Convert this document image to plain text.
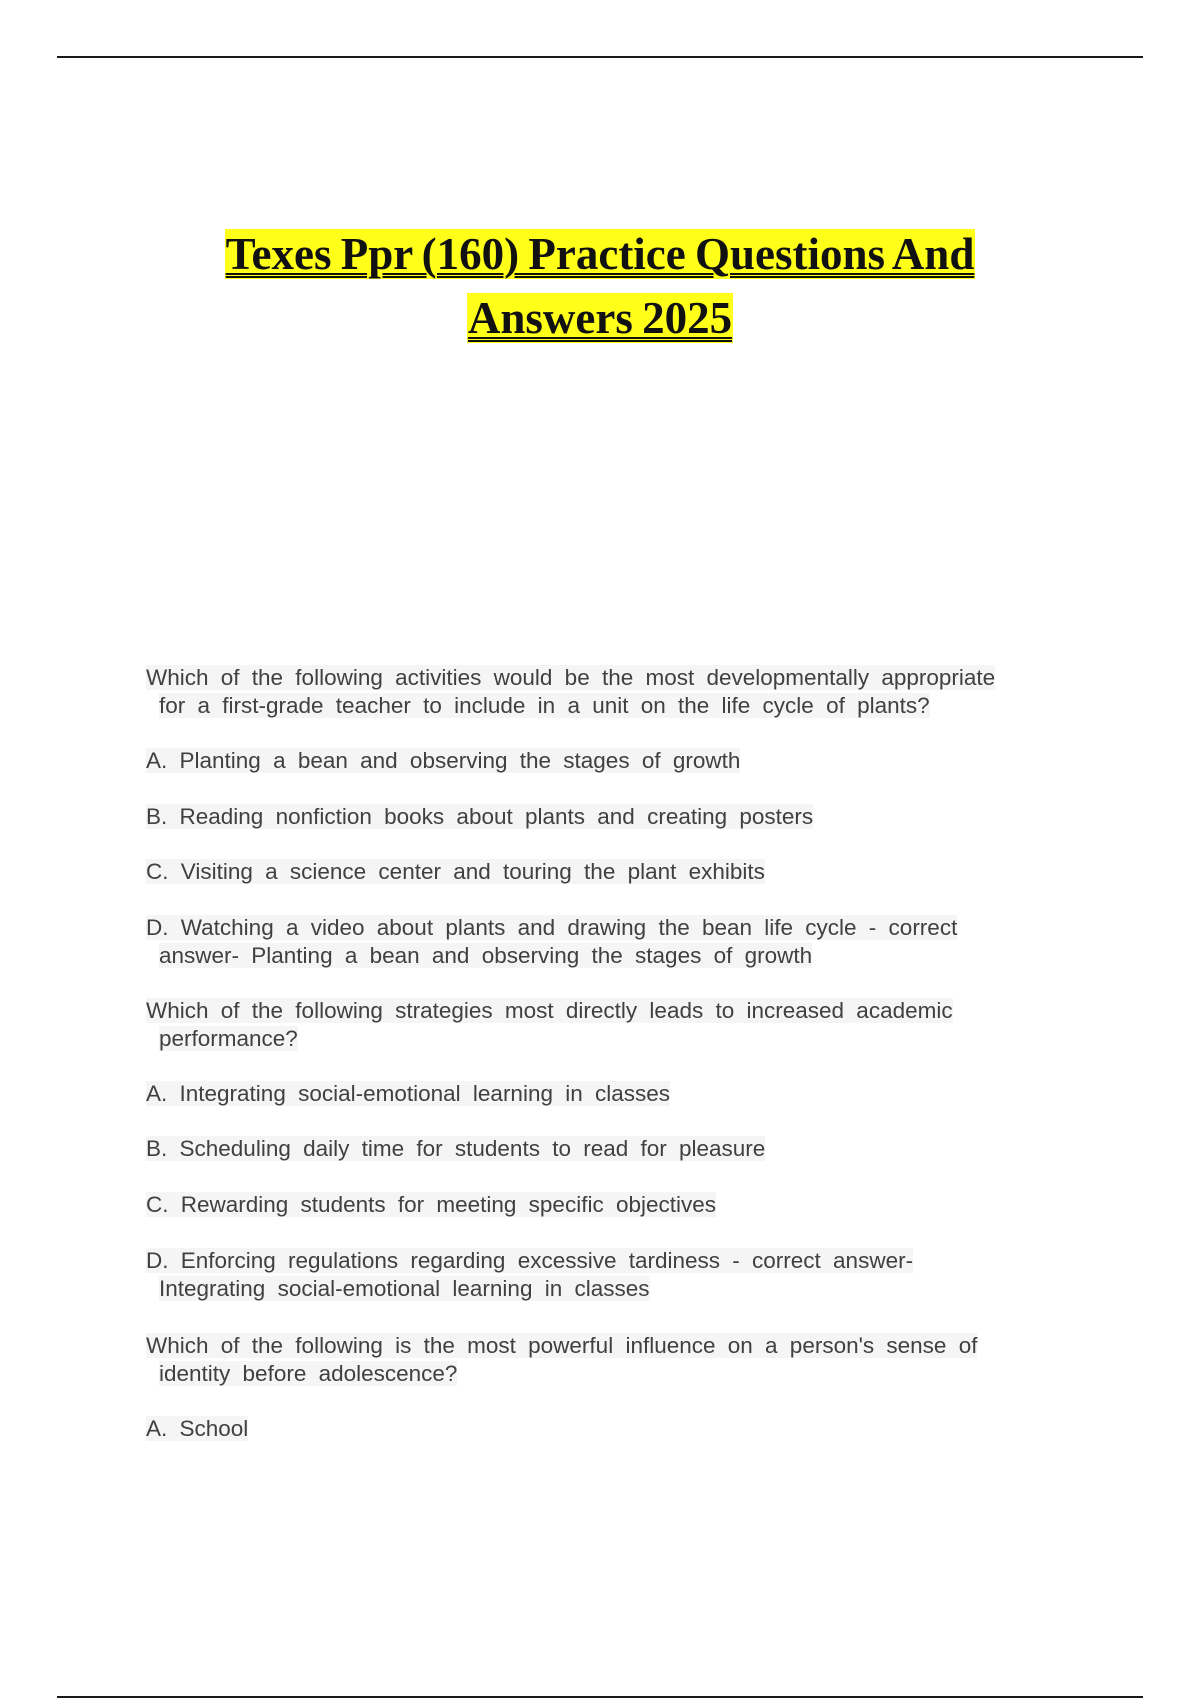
Texes Ppr (160) Practice Questions And
Answers 2025
Which of the following activities would be the most developmentally appropriate
for a first-grade teacher to include in a unit on the life cycle of plants?
A. Planting a bean and observing the stages of growth
B. Reading nonfiction books about plants and creating posters
C. Visiting a science center and touring the plant exhibits
D. Watching a video about plants and drawing the bean life cycle - correct
answer- Planting a bean and observing the stages of growth
Which of the following strategies most directly leads to increased academic
performance?
A. Integrating social-emotional learning in classes
B. Scheduling daily time for students to read for pleasure
C. Rewarding students for meeting specific objectives
D. Enforcing regulations regarding excessive tardiness - correct answer-
Integrating social-emotional learning in classes
Which of the following is the most powerful influence on a person's sense of
identity before adolescence?
A. School
